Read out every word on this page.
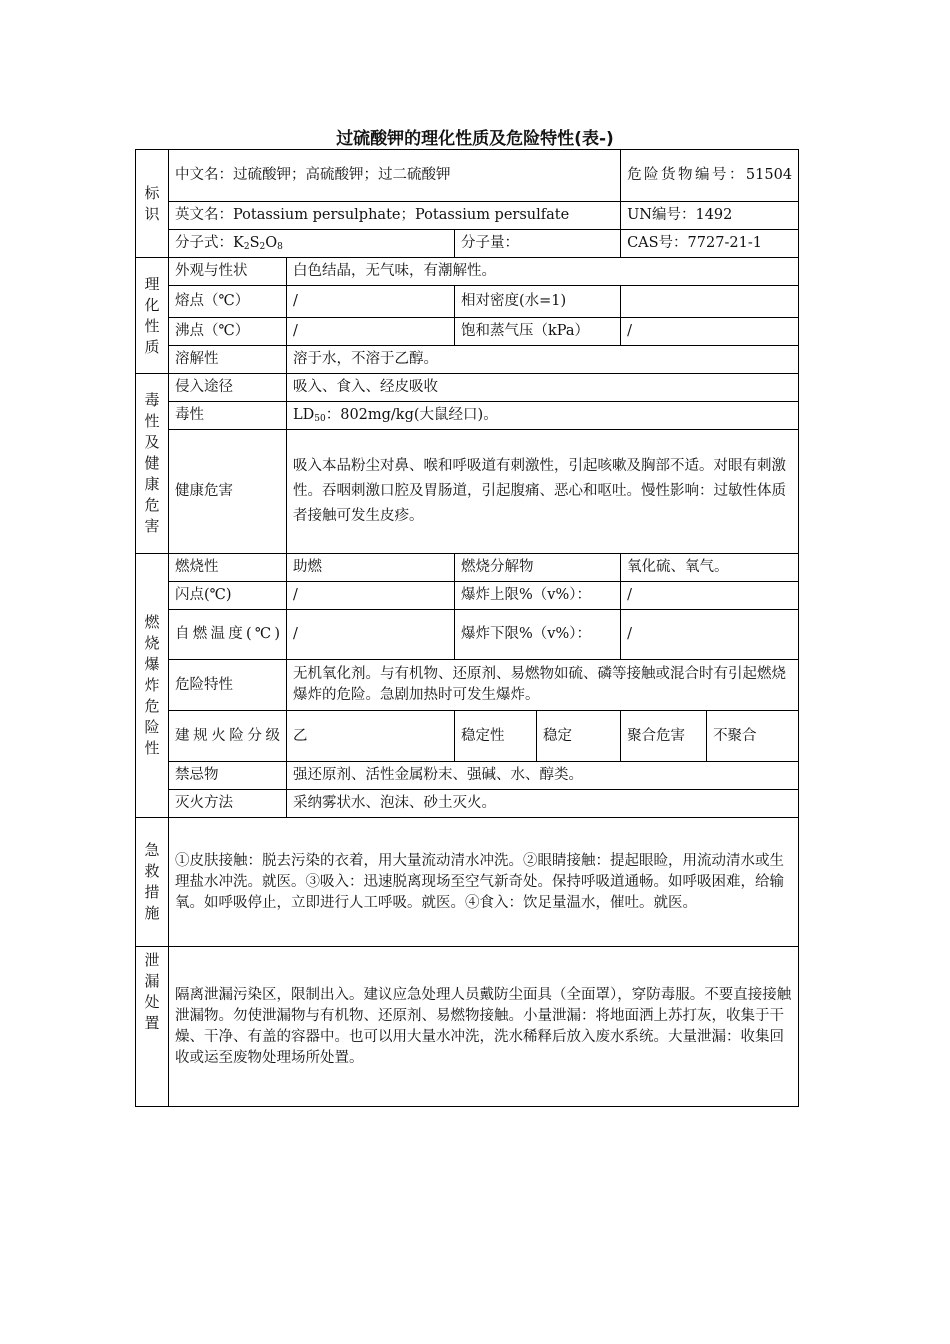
过硫酸钾的理化性质及危险特性(表-)
标识	中文名：过硫酸钾；高硫酸钾；过二硫酸钾				危险货物编号：51504	
	英文名：Potassium persulphate；Potassium persulfate				UN编号：1492	
	分子式：$K_2S_2O_8$		分子量：		CAS号：7727-21-1	
理化性质	外观与性状	白色结晶，无气味，有潮解性。				
	熔点（℃）	/	相对密度(水=1)			
	沸点（℃）	/	饱和蒸气压（kPa）		/	
	溶解性	溶于水，不溶于乙醇。				
毒性及健康危害	侵入途径	吸入、食入、经皮吸收				
	毒性	$LD_{50}$：802mg/kg(大鼠经口)。				
	健康危害	吸入本品粉尘对鼻、喉和呼吸道有刺激性，引起咳嗽及胸部不适。对眼有刺激性。吞咽刺激口腔及胃肠道，引起腹痛、恶心和呕吐。慢性影响：过敏性体质者接触可发生皮疹。				
燃烧爆炸危险性	燃烧性	助燃	燃烧分解物		氧化硫、氧气。	
	闪点(℃)	/	爆炸上限%（v%）：		/	
	自燃温度(℃)	/	爆炸下限%（v%）：		/	
	危险特性	无机氧化剂。与有机物、还原剂、易燃物如硫、磷等接触或混合时有引起燃烧爆炸的危险。急剧加热时可发生爆炸。				
	建规火险分级	乙	稳定性	稳定	聚合危害	不聚合
	禁忌物	强还原剂、活性金属粉末、强碱、水、醇类。				
	灭火方法	采纳雾状水、泡沫、砂土灭火。				
急救措施	①皮肤接触：脱去污染的衣着，用大量流动清水冲洗。②眼睛接触：提起眼睑，用流动清水或生理盐水冲洗。就医。③吸入：迅速脱离现场至空气新奇处。保持呼吸道通畅。如呼吸困难，给输氧。如呼吸停止，立即进行人工呼吸。就医。④食入：饮足量温水，催吐。就医。					
泄漏处置	隔离泄漏污染区，限制出入。建议应急处理人员戴防尘面具（全面罩），穿防毒服。不要直接接触泄漏物。勿使泄漏物与有机物、还原剂、易燃物接触。小量泄漏：将地面洒上苏打灰，收集于干燥、干净、有盖的容器中。也可以用大量水冲洗，洗水稀释后放入废水系统。大量泄漏：收集回收或运至废物处理场所处置。					
